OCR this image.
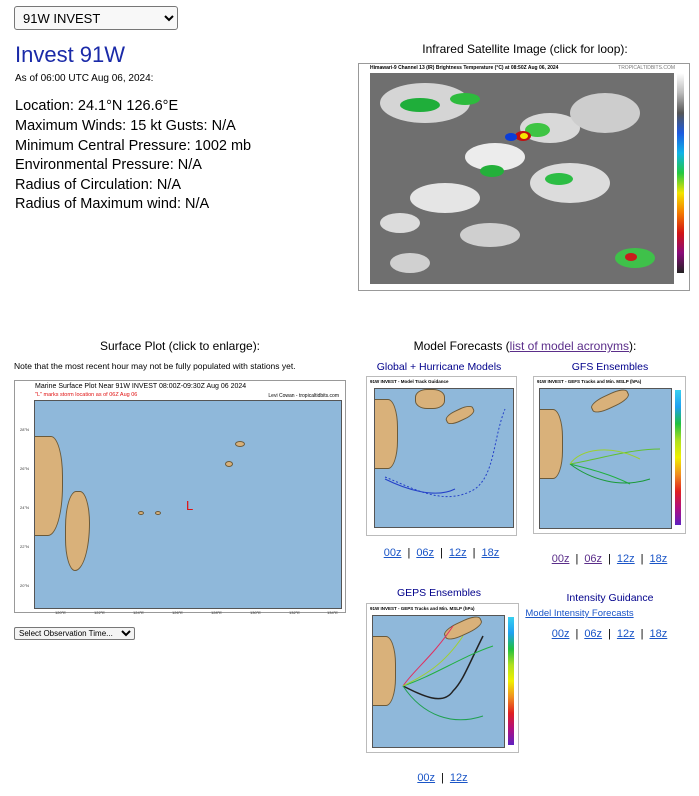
91W INVEST
Invest 91W
As of 06:00 UTC Aug 06, 2024:
Location: 24.1°N 126.6°E
Maximum Winds: 15 kt Gusts: N/A
Minimum Central Pressure: 1002 mb
Environmental Pressure: N/A
Radius of Circulation: N/A
Radius of Maximum wind: N/A
Infrared Satellite Image (click for loop):
Himawari-9 Channel 13 (IR) Brightness Temperature (°C) at 08:50Z Aug 06, 2024	TROPICALTIDBITS.COM
Surface Plot (click to enlarge):
Note that the most recent hour may not be fully populated with stations yet.
Marine Surface Plot Near 91W INVEST 08:00Z-09:30Z Aug 06 2024
"L" marks storm location as of 06Z Aug 06	Levi Cowan - tropicaltidbits.com
L
28°N
26°N
24°N
22°N
20°N
120°E	122°E	124°E	126°E	128°E	130°E	132°E	134°E
Select Observation Time...
Model Forecasts (list of model acronyms):
Global + Hurricane Models
91W INVEST - Model Track Guidance
00z | 06z | 12z | 18z
GFS Ensembles
91W INVEST - GEFS Tracks and Min. MSLP (hPa)
00z | 06z | 12z | 18z
GEPS Ensembles
91W INVEST - GEPS Tracks and Min. MSLP (hPa)
00z | 12z
Intensity Guidance
Model Intensity Forecasts
00z | 06z | 12z | 18z
